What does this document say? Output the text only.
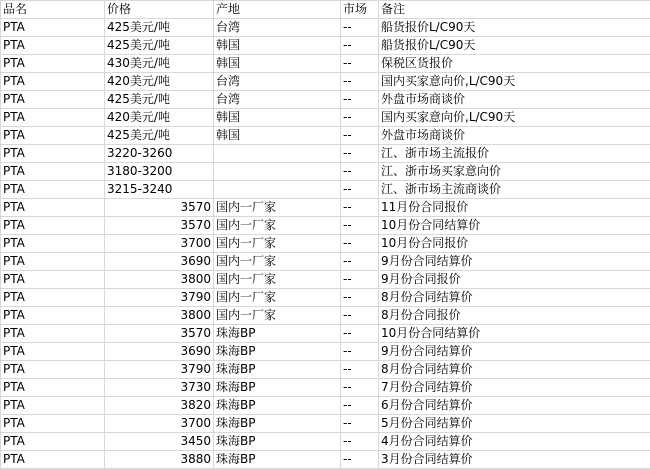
品名	价格	产地	市场	备注
PTA	425美元/吨	台湾	--	船货报价L/C90天
PTA	425美元/吨	韩国	--	船货报价L/C90天
PTA	430美元/吨	韩国	--	保税区货报价
PTA	420美元/吨	台湾	--	国内买家意向价,L/C90天
PTA	425美元/吨	台湾	--	外盘市场商谈价
PTA	420美元/吨	韩国	--	国内买家意向价,L/C90天
PTA	425美元/吨	韩国	--	外盘市场商谈价
PTA	3220-3260		--	江、浙市场主流报价
PTA	3180-3200		--	江、浙市场买家意向价
PTA	3215-3240		--	江、浙市场主流商谈价
PTA	3570	国内一厂家	--	11月份合同报价
PTA	3570	国内一厂家	--	10月份合同结算价
PTA	3700	国内一厂家	--	10月份合同报价
PTA	3690	国内一厂家	--	9月份合同结算价
PTA	3800	国内一厂家	--	9月份合同报价
PTA	3790	国内一厂家	--	8月份合同结算价
PTA	3800	国内一厂家	--	8月份合同报价
PTA	3570	珠海BP	--	10月份合同结算价
PTA	3690	珠海BP	--	9月份合同结算价
PTA	3790	珠海BP	--	8月份合同结算价
PTA	3730	珠海BP	--	7月份合同结算价
PTA	3820	珠海BP	--	6月份合同结算价
PTA	3700	珠海BP	--	5月份合同结算价
PTA	3450	珠海BP	--	4月份合同结算价
PTA	3880	珠海BP	--	3月份合同结算价
